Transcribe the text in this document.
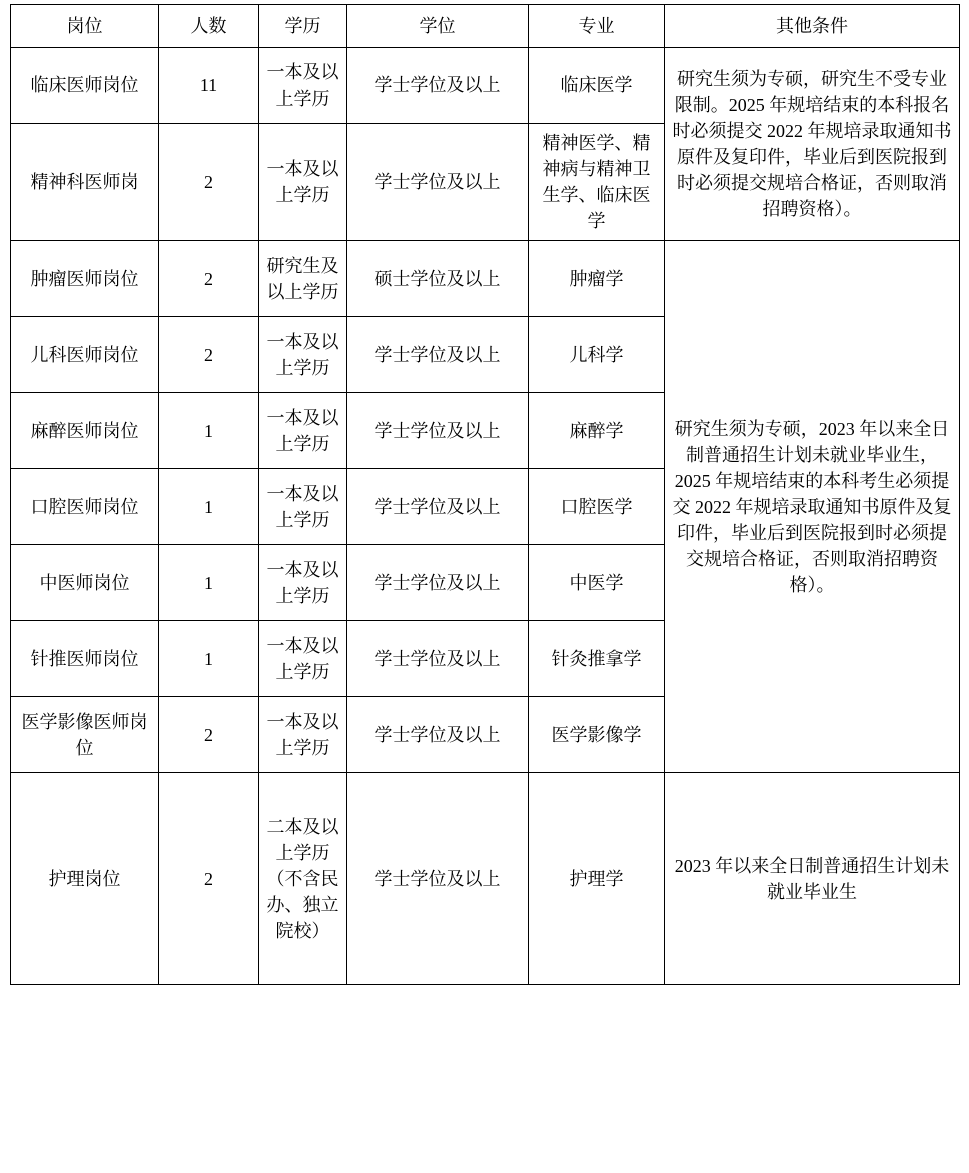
岗位	人数	学历	学位	专业	其他条件
临床医师岗位	11	一本及以上学历	学士学位及以上	临床医学	研究生须为专硕，研究生不受专业限制。2025 年规培结束的本科报名时必须提交 2022 年规培录取通知书原件及复印件，毕业后到医院报到时必须提交规培合格证，否则取消招聘资格）。
精神科医师岗	2	一本及以上学历	学士学位及以上	精神医学、精神病与精神卫生学、临床医学	
肿瘤医师岗位	2	研究生及以上学历	硕士学位及以上	肿瘤学	研究生须为专硕，2023 年以来全日制普通招生计划未就业毕业生，2025 年规培结束的本科考生必须提交 2022 年规培录取通知书原件及复印件，毕业后到医院报到时必须提交规培合格证，否则取消招聘资格）。
儿科医师岗位	2	一本及以上学历	学士学位及以上	儿科学	
麻醉医师岗位	1	一本及以上学历	学士学位及以上	麻醉学	
口腔医师岗位	1	一本及以上学历	学士学位及以上	口腔医学	
中医师岗位	1	一本及以上学历	学士学位及以上	中医学	
针推医师岗位	1	一本及以上学历	学士学位及以上	针灸推拿学	
医学影像医师岗位	2	一本及以上学历	学士学位及以上	医学影像学	
护理岗位	2	二本及以上学历（不含民办、独立院校）	学士学位及以上	护理学	2023 年以来全日制普通招生计划未就业毕业生
